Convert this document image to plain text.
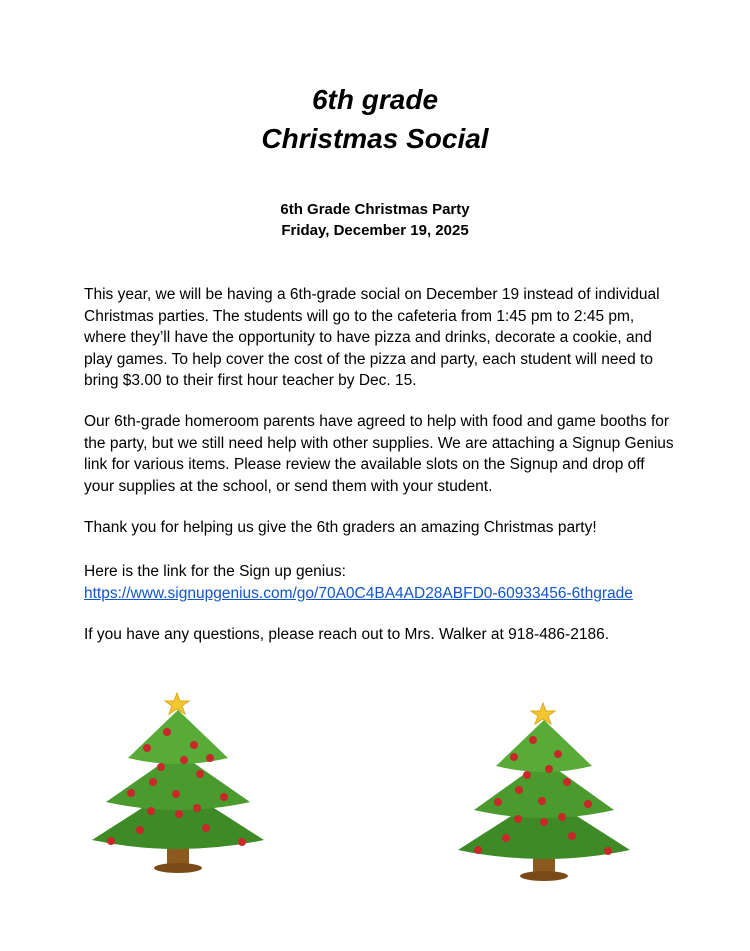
6th grade
Christmas Social
6th Grade Christmas Party
Friday, December 19, 2025
This year, we will be having a 6th-grade social on December 19 instead of individual Christmas parties. The students will go to the cafeteria from 1:45 pm to 2:45 pm, where they’ll have the opportunity to have pizza and drinks, decorate a cookie, and play games. To help cover the cost of the pizza and party, each student will need to bring $3.00 to their first hour teacher by Dec. 15.
Our 6th-grade homeroom parents have agreed to help with food and game booths for the party, but we still need help with other supplies. We are attaching a Signup Genius link for various items. Please review the available slots on the Signup and drop off your supplies at the school, or send them with your student.
Thank you for helping us give the 6th graders an amazing Christmas party!
Here is the link for the Sign up genius:
https://www.signupgenius.com/go/70A0C4BA4AD28ABFD0-60933456-6thgrade
If you have any questions, please reach out to Mrs. Walker at 918-486-2186.
